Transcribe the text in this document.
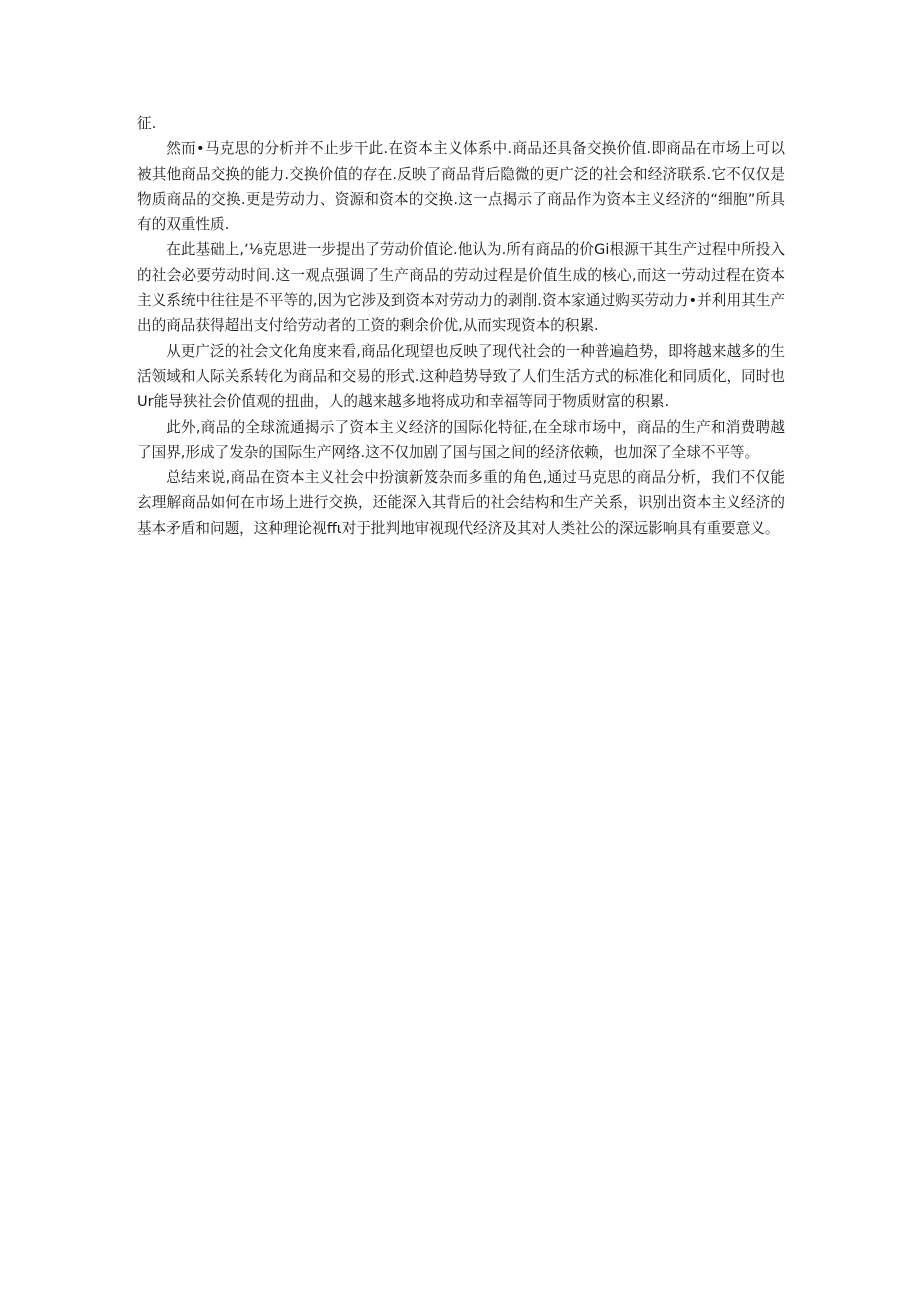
征.

然而•马克思的分析并不止步干此.在资本主义体系中.商品还具备交换价值.即商品在市场上可以被其他商品交换的能力.交换价值的存在.反映了商品背后隐微的更广泛的社会和经济联系.它不仅仅是物质商品的交换.更是劳动力、资源和资本的交换.这一点揭示了商品作为资本主义经济的“细胞”所具有的双重性质.

在此基础上,ʼ⅛克思进一步提出了劳动价值论.他认为.所有商品的价Gi根源干其生产过程中所投入的社会必要劳动时间.这一观点强调了生产商品的劳动过程是价值生成的核心,而这一劳动过程在资本主义系统中往往是不平等的,因为它涉及到资本对劳动力的剥削.资本家通过购买劳动力•并利用其生产出的商品获得超出支付给劳动者的工资的剩余价优,从而实现资本的积累.

从更广泛的社会文化角度来看,商品化现望也反映了现代社会的一种普遍趋势，即将越来越多的生活领域和人际关系转化为商品和交易的形式.这种趋势导致了人们生活方式的标准化和同质化，同时也Ur能导狭社会价值观的扭曲，人的越来越多地将成功和幸福等同于物质财富的积累.

此外,商品的全球流通揭示了资本主义经济的国际化特征,在全球市场中，商品的生产和消费聘越了国界,形成了发杂的国际生产网络.这不仅加剧了国与国之间的经济依赖，也加深了全球不平等。

总结来说,商品在资本主义社会中扮演新笈杂而多重的角色,通过马克思的商品分析，我们不仅能玄理解商品如何在市场上进行交换，还能深入其背后的社会结构和生产关系，识别出资本主义经济的基本矛盾和问题，这种理论视ffι对于批判地审视现代经济及其对人类社公的深远影响具有重要意义。
